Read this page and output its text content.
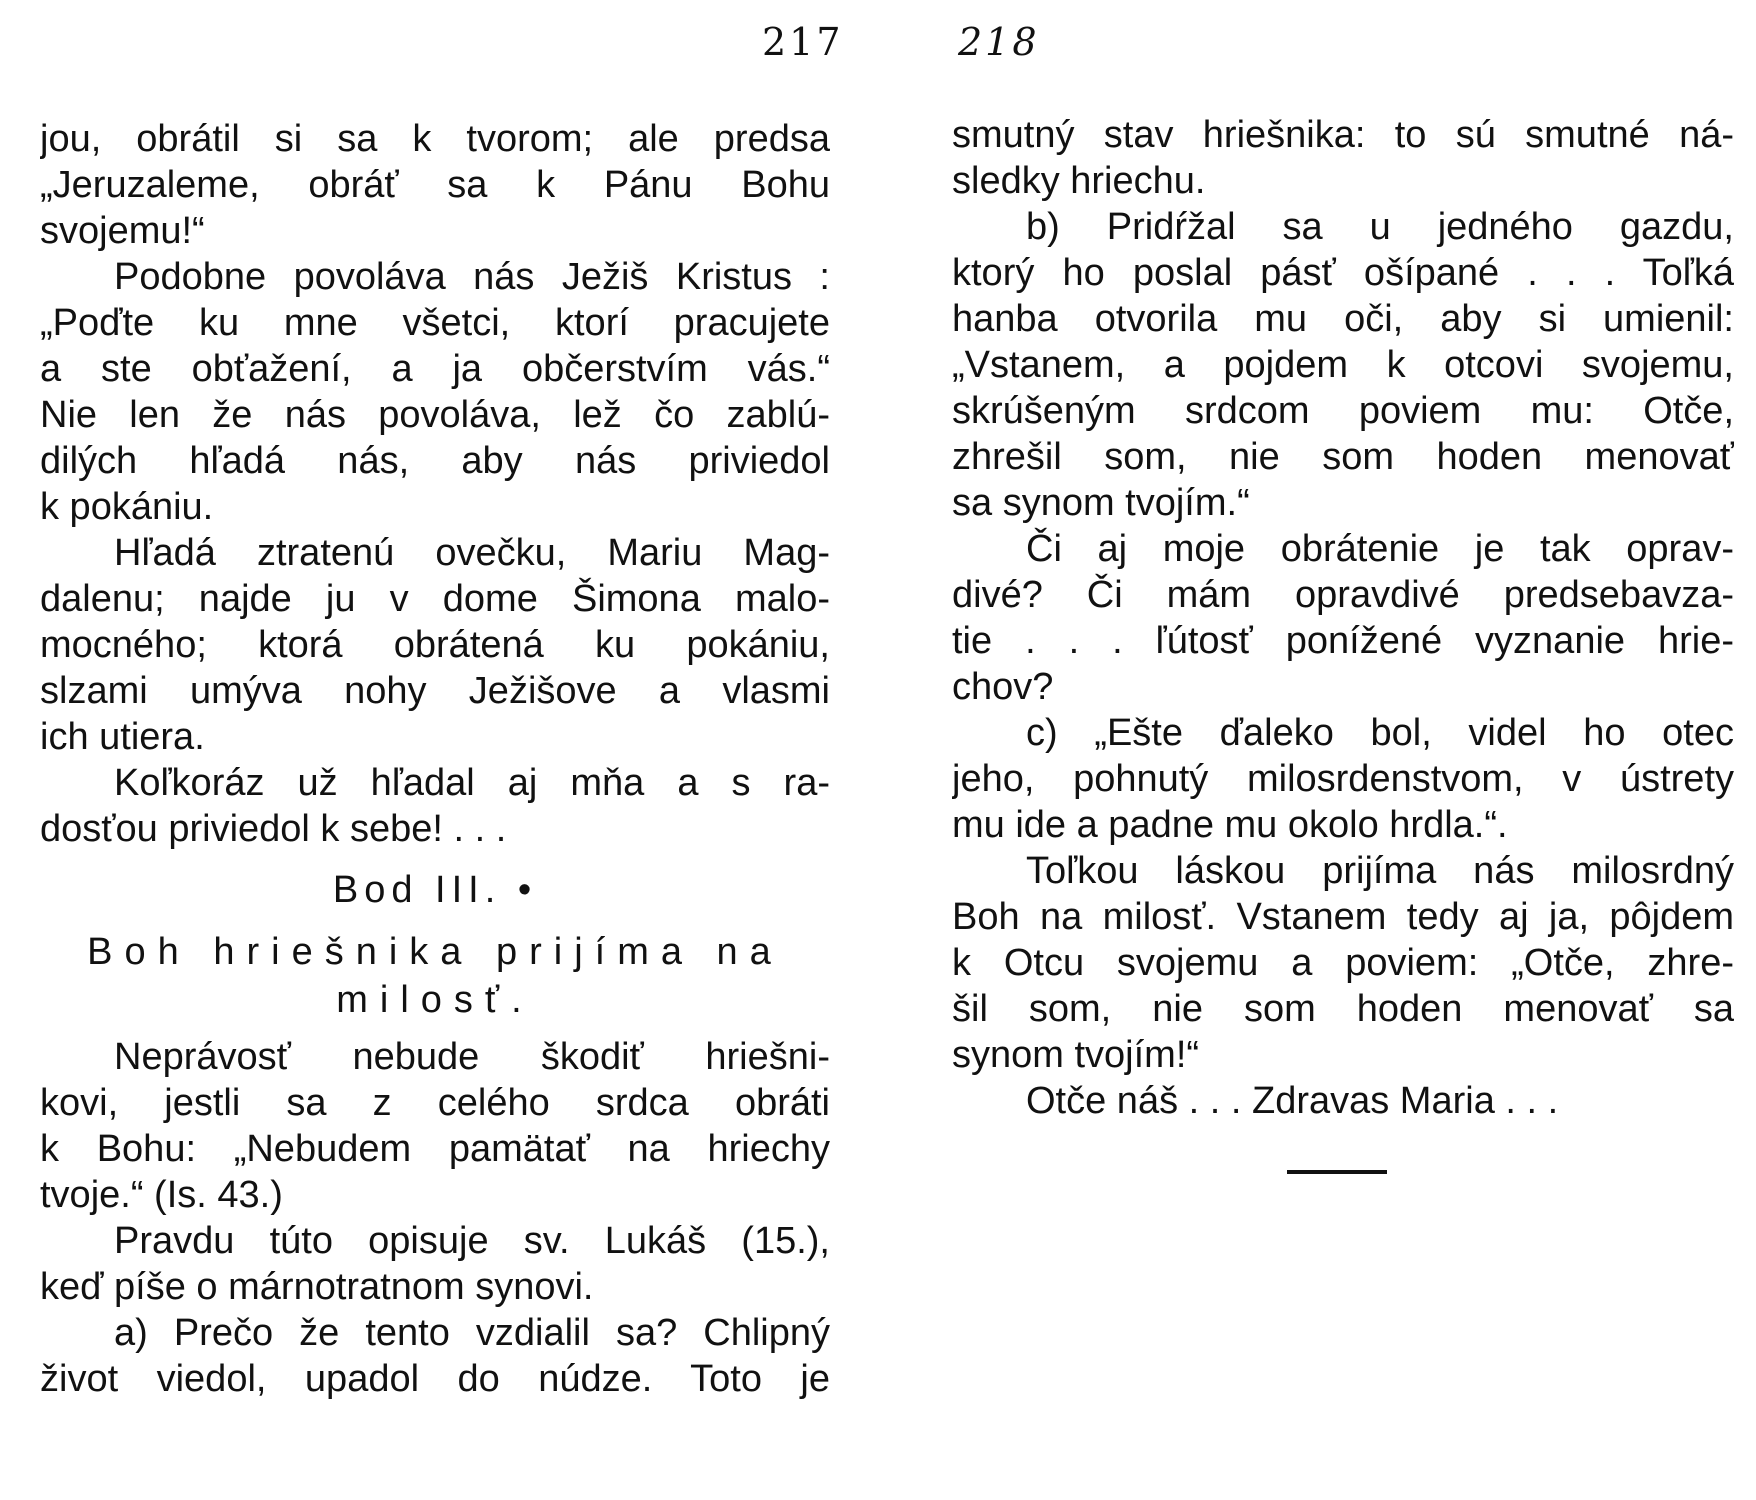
217	218
jou, obrátil si sa k tvorom; ale predsa
„Jeruzaleme, obráť sa k Pánu Bohu
svojemu!“
Podobne povoláva nás Ježiš Kristus :
„Poďte ku mne všetci, ktorí pracujete
a ste obťažení, a ja občerstvím vás.“
Nie len že nás povoláva, lež čo zablú-
dilých hľadá nás, aby nás priviedol
k pokániu.
Hľadá ztratenú ovečku, Mariu Mag-
dalenu; najde ju v dome Šimona malo-
mocného; ktorá obrátená ku pokániu,
slzami umýva nohy Ježišove a vlasmi
ich utiera.
Koľkoráz už hľadal aj mňa a s ra-
dosťou priviedol k sebe! . . .
Bod III. •
Boh hriešnika prijíma na
milosť.
Neprávosť nebude škodiť hriešni-
kovi, jestli sa z celého srdca obráti
k Bohu: „Nebudem pamätať na hriechy
tvoje.“ (Is. 43.)
Pravdu túto opisuje sv. Lukáš (15.),
keď píše o márnotratnom synovi.
a) Prečo že tento vzdialil sa? Chlipný
život viedol, upadol do núdze. Toto je
smutný stav hriešnika: to sú smutné ná-
sledky hriechu.
b) Pridŕžal sa u jedného gazdu,
ktorý ho poslal pásť ošípané . . . Toľká
hanba otvorila mu oči, aby si umienil:
„Vstanem, a pojdem k otcovi svojemu,
skrúšeným srdcom poviem mu: Otče,
zhrešil som, nie som hoden menovať
sa synom tvojím.“
Či aj moje obrátenie je tak oprav-
divé? Či mám opravdivé predsebavza-
tie . . . ľútosť ponížené vyznanie hrie-
chov?
c) „Ešte ďaleko bol, videl ho otec
jeho, pohnutý milosrdenstvom, v ústrety
mu ide a padne mu okolo hrdla.“.
Toľkou láskou prijíma nás milosrdný
Boh na milosť. Vstanem tedy aj ja, pôjdem
k Otcu svojemu a poviem: „Otče, zhre-
šil som, nie som hoden menovať sa
synom tvojím!“
Otče náš . . . Zdravas Maria . . .
